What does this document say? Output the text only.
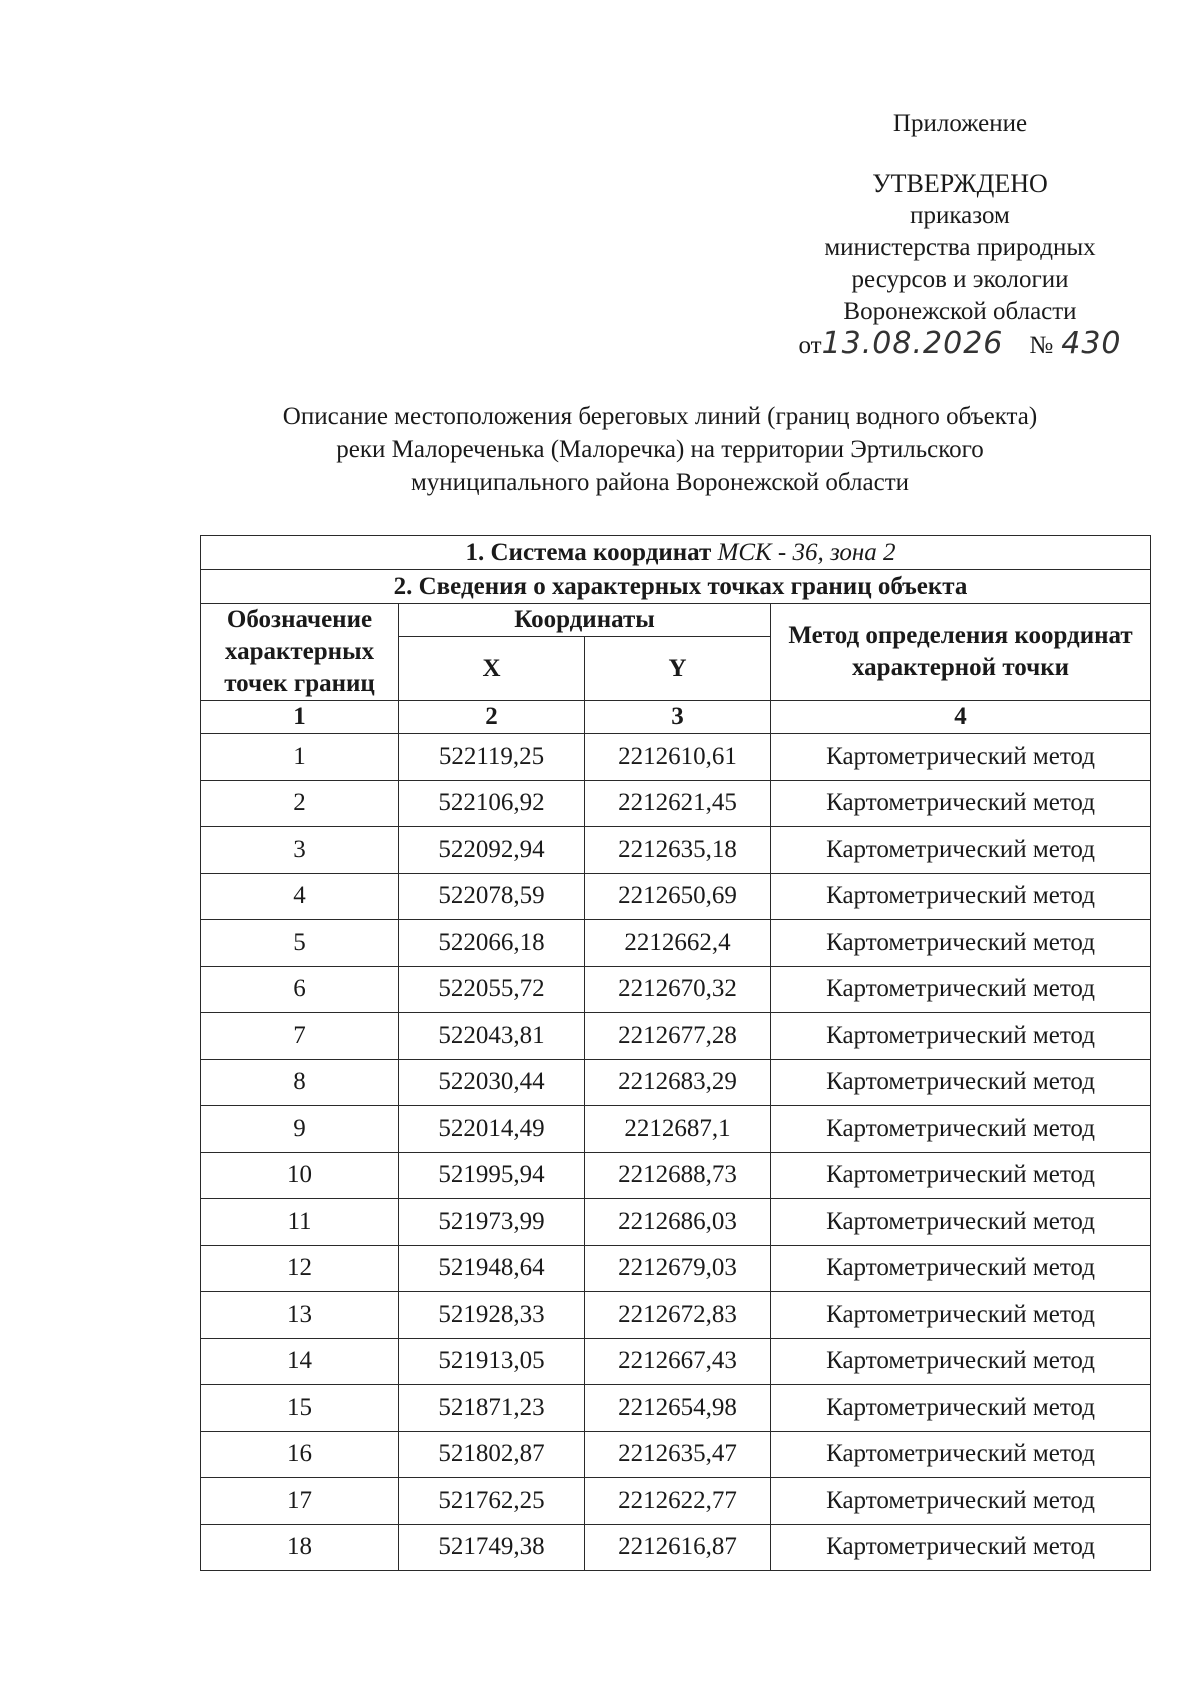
Приложение
УТВЕРЖДЕНО
приказом
министерства природных
ресурсов и экологии
Воронежской области
от13.08.2026 № 430
Описание местоположения береговых линий (границ водного объекта)
реки Малореченька (Малоречка) на территории Эртильского
муниципального района Воронежской области
1. Система координат МСК - 36, зона 2			
2. Сведения о характерных точках границ объекта			
Обозначение характерных точек границ	Координаты		Метод определения координат характерной точки
	X	Y	
1	2	3	4
1	522119,25	2212610,61	Картометрический метод
2	522106,92	2212621,45	Картометрический метод
3	522092,94	2212635,18	Картометрический метод
4	522078,59	2212650,69	Картометрический метод
5	522066,18	2212662,4	Картометрический метод
6	522055,72	2212670,32	Картометрический метод
7	522043,81	2212677,28	Картометрический метод
8	522030,44	2212683,29	Картометрический метод
9	522014,49	2212687,1	Картометрический метод
10	521995,94	2212688,73	Картометрический метод
11	521973,99	2212686,03	Картометрический метод
12	521948,64	2212679,03	Картометрический метод
13	521928,33	2212672,83	Картометрический метод
14	521913,05	2212667,43	Картометрический метод
15	521871,23	2212654,98	Картометрический метод
16	521802,87	2212635,47	Картометрический метод
17	521762,25	2212622,77	Картометрический метод
18	521749,38	2212616,87	Картометрический метод
